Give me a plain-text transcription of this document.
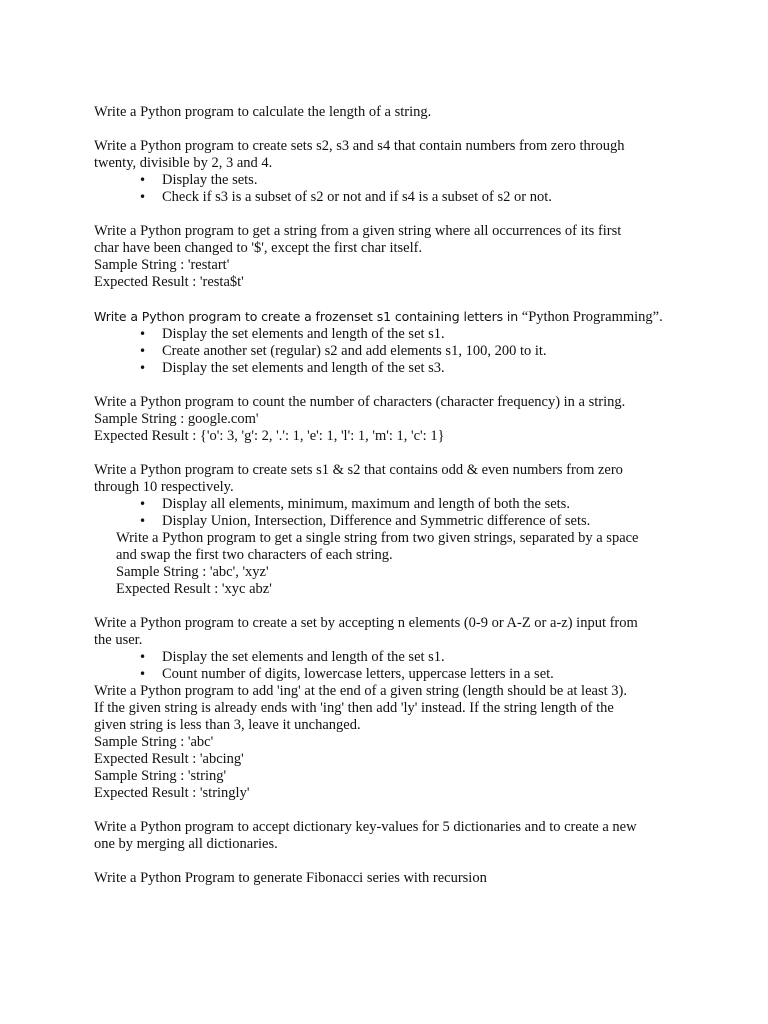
Write a Python program to calculate the length of a string.

Write a Python program to create sets s2, s3 and s4 that contain numbers from zero through

twenty, divisible by 2, 3 and 4.

• Display the sets.
• Check if s3 is a subset of s2 or not and if s4 is a subset of s2 or not.

Write a Python program to get a string from a given string where all occurrences of its first

char have been changed to '$', except the first char itself.

Sample String : 'restart'

Expected Result : 'resta$t'

Write a Python program to create a frozenset s1 containing letters in “Python Programming”.

• Display the set elements and length of the set s1.
• Create another set (regular) s2 and add elements s1, 100, 200 to it.
• Display the set elements and length of the set s3.

Write a Python program to count the number of characters (character frequency) in a string.

Sample String : google.com'

Expected Result : {'o': 3, 'g': 2, '.': 1, 'e': 1, 'l': 1, 'm': 1, 'c': 1}

Write a Python program to create sets s1 & s2 that contains odd & even numbers from zero

through 10 respectively.

• Display all elements, minimum, maximum and length of both the sets.
• Display Union, Intersection, Difference and Symmetric difference of sets.

Write a Python program to get a single string from two given strings, separated by a space

and swap the first two characters of each string.

Sample String : 'abc', 'xyz'

Expected Result : 'xyc abz'

Write a Python program to create a set by accepting n elements (0-9 or A-Z or a-z) input from

the user.

• Display the set elements and length of the set s1.
• Count number of digits, lowercase letters, uppercase letters in a set.

Write a Python program to add 'ing' at the end of a given string (length should be at least 3).

If the given string is already ends with 'ing' then add 'ly' instead. If the string length of the

given string is less than 3, leave it unchanged.

Sample String : 'abc'

Expected Result : 'abcing'

Sample String : 'string'

Expected Result : 'stringly'

Write a Python program to accept dictionary key-values for 5 dictionaries and to create a new

one by merging all dictionaries.

Write a Python Program to generate Fibonacci series with recursion
